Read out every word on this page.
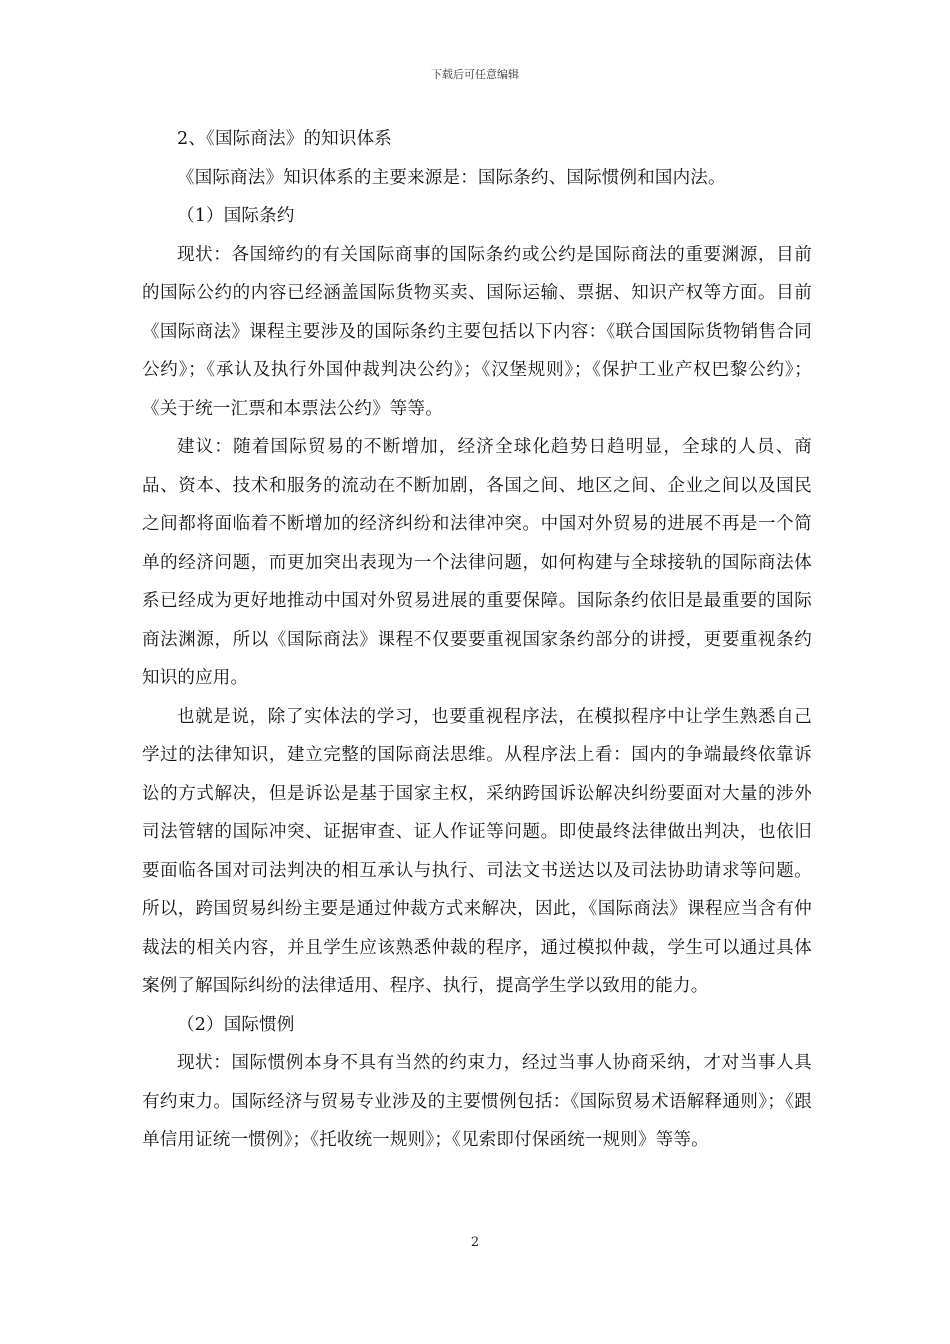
下载后可任意编辑

2、《国际商法》的知识体系

《国际商法》知识体系的主要来源是：国际条约、国际惯例和国内法。

（1）国际条约

现状：各国缔约的有关国际商事的国际条约或公约是国际商法的重要渊源，目前的国际公约的内容已经涵盖国际货物买卖、国际运输、票据、知识产权等方面。目前《国际商法》课程主要涉及的国际条约主要包括以下内容：《联合国国际货物销售合同公约》；《承认及执行外国仲裁判决公约》；《汉堡规则》；《保护工业产权巴黎公约》；《关于统一汇票和本票法公约》等等。

建议：随着国际贸易的不断增加，经济全球化趋势日趋明显，全球的人员、商品、资本、技术和服务的流动在不断加剧，各国之间、地区之间、企业之间以及国民之间都将面临着不断增加的经济纠纷和法律冲突。中国对外贸易的进展不再是一个简单的经济问题，而更加突出表现为一个法律问题，如何构建与全球接轨的国际商法体系已经成为更好地推动中国对外贸易进展的重要保障。国际条约依旧是最重要的国际商法渊源，所以《国际商法》课程不仅要要重视国家条约部分的讲授，更要重视条约知识的应用。

也就是说，除了实体法的学习，也要重视程序法，在模拟程序中让学生熟悉自己学过的法律知识，建立完整的国际商法思维。从程序法上看：国内的争端最终依靠诉讼的方式解决，但是诉讼是基于国家主权，采纳跨国诉讼解决纠纷要面对大量的涉外司法管辖的国际冲突、证据审查、证人作证等问题。即使最终法律做出判决，也依旧要面临各国对司法判决的相互承认与执行、司法文书送达以及司法协助请求等问题。所以，跨国贸易纠纷主要是通过仲裁方式来解决，因此，《国际商法》课程应当含有仲裁法的相关内容，并且学生应该熟悉仲裁的程序，通过模拟仲裁，学生可以通过具体案例了解国际纠纷的法律适用、程序、执行，提高学生学以致用的能力。

（2）国际惯例

现状：国际惯例本身不具有当然的约束力，经过当事人协商采纳，才对当事人具有约束力。国际经济与贸易专业涉及的主要惯例包括：《国际贸易术语解释通则》；《跟单信用证统一惯例》；《托收统一规则》；《见索即付保函统一规则》等等。

2
